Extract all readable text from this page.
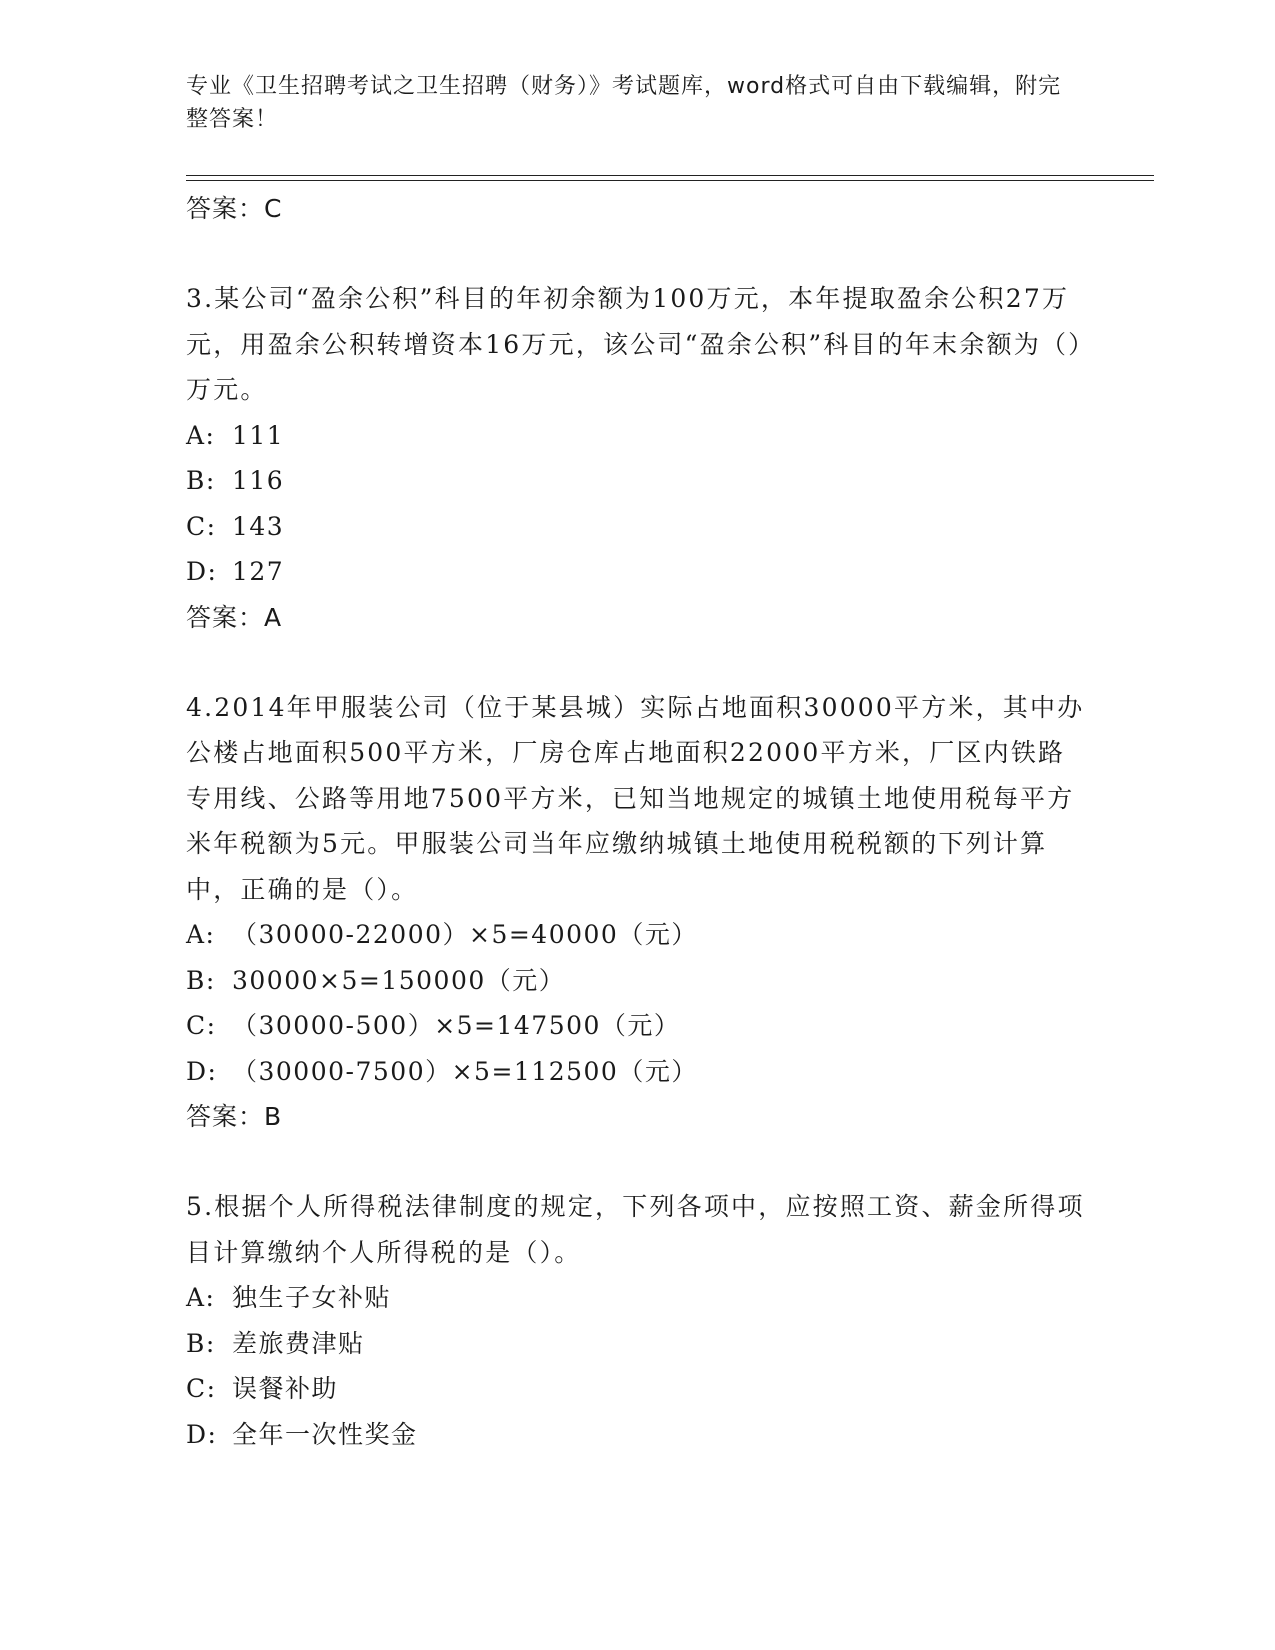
专业《卫生招聘考试之卫生招聘（财务）》考试题库，word格式可自由下载编辑，附完整答案！
答案：C
3.某公司“盈余公积”科目的年初余额为100万元，本年提取盈余公积27万元，用盈余公积转增资本16万元，该公司“盈余公积”科目的年末余额为（）万元。
A: 111
B: 116
C: 143
D: 127
答案：A
4.2014年甲服装公司（位于某县城）实际占地面积30000平方米，其中办公楼占地面积500平方米，厂房仓库占地面积22000平方米，厂区内铁路专用线、公路等用地7500平方米，已知当地规定的城镇土地使用税每平方米年税额为5元。甲服装公司当年应缴纳城镇土地使用税税额的下列计算中，正确的是（）。
A: （30000-22000）×5=40000（元）
B: 30000×5=150000（元）
C: （30000-500）×5=147500（元）
D: （30000-7500）×5=112500（元）
答案：B
5.根据个人所得税法律制度的规定，下列各项中，应按照工资、薪金所得项目计算缴纳个人所得税的是（）。
A: 独生子女补贴
B: 差旅费津贴
C: 误餐补助
D: 全年一次性奖金
